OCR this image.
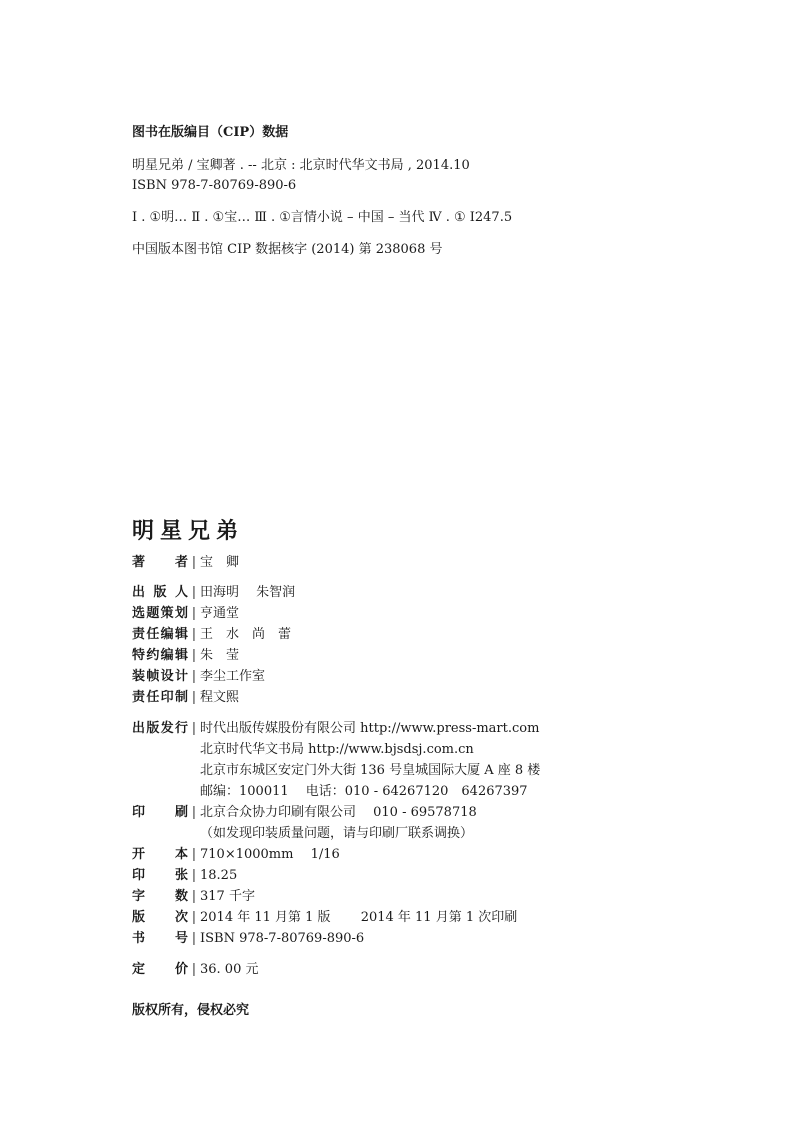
图书在版编目（CIP）数据
明星兄弟 / 宝卿著 . -- 北京 : 北京时代华文书局 , 2014.10
ISBN 978-7-80769-890-6
Ⅰ . ①明… Ⅱ . ①宝… Ⅲ . ①言情小说 – 中国 – 当代 Ⅳ . ① I247.5
中国版本图书馆 CIP 数据核字 (2014) 第 238068 号
明星兄弟
著者 | 宝　卿
出版人 | 田海明　 朱智润
选题策划 | 亨通堂
责任编辑 | 王　水　尚　蕾
特约编辑 | 朱　莹
装帧设计 | 李尘工作室
责任印制 | 程文熙
出版发行 | 时代出版传媒股份有限公司 http://www.press-mart.com
北京时代华文书局 http://www.bjsdsj.com.cn
北京市东城区安定门外大街 136 号皇城国际大厦 A 座 8 楼
邮编：100011　 电话：010 - 64267120　64267397
印刷 | 北京合众协力印刷有限公司　 010 - 69578718
（如发现印装质量问题，请与印刷厂联系调换）
开本 | 710×1000mm　 1/16
印张 | 18.25
字数 | 317 千字
版次 | 2014 年 11 月第 1 版　　 2014 年 11 月第 1 次印刷
书号 | ISBN 978-7-80769-890-6
定价 | 36. 00 元
版权所有，侵权必究
